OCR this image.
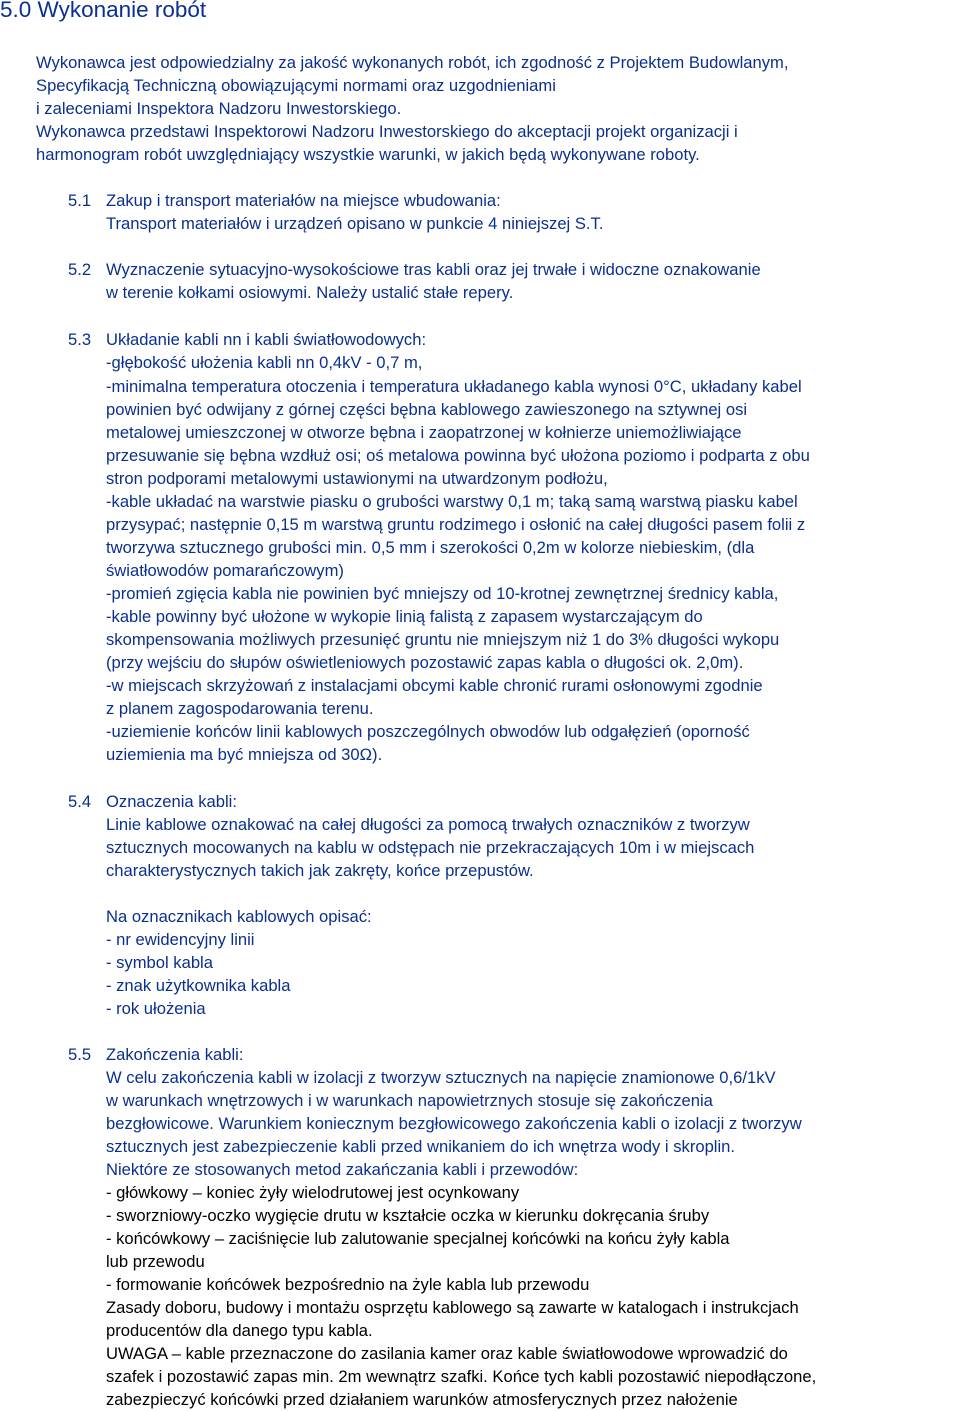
5.0 Wykonanie robót
Wykonawca jest odpowiedzialny za jakość wykonanych robót, ich zgodność z Projektem Budowlanym,
Specyfikacją Techniczną obowiązującymi normami oraz uzgodnieniami
i zaleceniami Inspektora Nadzoru Inwestorskiego.
Wykonawca przedstawi Inspektorowi Nadzoru Inwestorskiego do akceptacji projekt organizacji i
harmonogram robót uwzględniający wszystkie warunki, w jakich będą wykonywane roboty.
5.1 Zakup i transport materiałów na miejsce wbudowania:
Transport materiałów i urządzeń opisano w punkcie 4 niniejszej S.T.
5.2 Wyznaczenie sytuacyjno-wysokościowe tras kabli oraz jej trwałe i widoczne oznakowanie
w terenie kołkami osiowymi. Należy ustalić stałe repery.
5.3 Układanie kabli nn i kabli światłowodowych:
-głębokość ułożenia kabli nn 0,4kV - 0,7 m,
-minimalna temperatura otoczenia i temperatura układanego kabla wynosi 0°C, układany kabel
powinien być odwijany z górnej części bębna kablowego zawieszonego na sztywnej osi
metalowej umieszczonej w otworze bębna i zaopatrzonej w kołnierze uniemożliwiające
przesuwanie się bębna wzdłuż osi; oś metalowa powinna być ułożona poziomo i podparta z obu
stron podporami metalowymi ustawionymi na utwardzonym podłożu,
-kable układać na warstwie piasku o grubości warstwy 0,1 m; taką samą warstwą piasku kabel
przysypać; następnie 0,15 m warstwą gruntu rodzimego i osłonić na całej długości pasem folii z
tworzywa sztucznego grubości min. 0,5 mm i szerokości 0,2m w kolorze niebieskim, (dla
światłowodów pomarańczowym)
-promień zgięcia kabla nie powinien być mniejszy od 10-krotnej zewnętrznej średnicy kabla,
-kable powinny być ułożone w wykopie linią falistą z zapasem wystarczającym do
skompensowania możliwych przesunięć gruntu nie mniejszym niż 1 do 3% długości wykopu
(przy wejściu do słupów oświetleniowych pozostawić zapas kabla o długości ok. 2,0m).
-w miejscach skrzyżowań z instalacjami obcymi kable chronić rurami osłonowymi zgodnie
z planem zagospodarowania terenu.
-uziemienie końców linii kablowych poszczególnych obwodów lub odgałęzień (oporność
uziemienia ma być mniejsza od 30Ω).
5.4 Oznaczenia kabli:
Linie kablowe oznakować na całej długości za pomocą trwałych oznaczników z tworzyw
sztucznych mocowanych na kablu w odstępach nie przekraczających 10m i w miejscach
charakterystycznych takich jak zakręty, końce przepustów.
Na oznacznikach kablowych opisać:
- nr ewidencyjny linii
- symbol kabla
- znak użytkownika kabla
- rok ułożenia
5.5 Zakończenia kabli:
W celu zakończenia kabli w izolacji z tworzyw sztucznych na napięcie znamionowe 0,6/1kV
w warunkach wnętrzowych i w warunkach napowietrznych stosuje się zakończenia
bezgłowicowe. Warunkiem koniecznym bezgłowicowego zakończenia kabli o izolacji z tworzyw
sztucznych jest zabezpieczenie kabli przed wnikaniem do ich wnętrza wody i skroplin.
Niektóre ze stosowanych metod zakańczania kabli i przewodów:
- główkowy – koniec żyły wielodrutowej jest ocynkowany
- sworzniowy-oczko wygięcie drutu w kształcie oczka w kierunku dokręcania śruby
- końcówkowy – zaciśnięcie lub zalutowanie specjalnej końcówki na końcu żyły kabla
lub przewodu
- formowanie końcówek bezpośrednio na żyle kabla lub przewodu
Zasady doboru, budowy i montażu osprzętu kablowego są zawarte w katalogach i instrukcjach
producentów dla danego typu kabla.
UWAGA – kable przeznaczone do zasilania kamer oraz kable światłowodowe wprowadzić do
szafek i pozostawić zapas min. 2m wewnątrz szafki. Końce tych kabli pozostawić niepodłączone,
zabezpieczyć końcówki przed działaniem warunków atmosferycznych przez nałożenie
